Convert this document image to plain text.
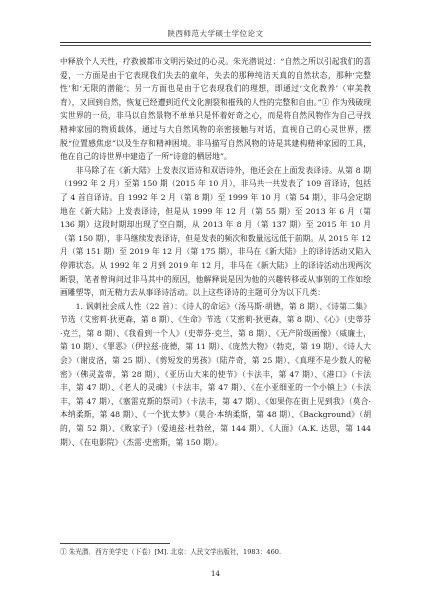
陕西师范大学硕士学位论文

中释放个人天性，疗救被都市文明污染过的心灵。朱光潜说过：“自然之所以引起我们的喜爱，一方面是由于它表现我们失去的童年，失去的那种纯洁天真的自然状态，那种‘完整性’和‘无限的潜能’；另一方面也是由于它表现我们的理想，即通过‘文化教养’（审美教育），又回到自然，恢复已经遭到近代文化割裂和摧残的人性的完整和自由。”① 作为残破现实世界的一员，非马以自然景物不单单只是怀着好奇之心，而是将自然风物作为自己寻找精神家园的物质载体，通过与大自然风物的亲密接触与对话，直视自己的心灵世界，摆脱“位置感焦虑”以及生存和精神困境。非马描写自然风物的诗是其建构精神家园的工具，他在自己的诗世界中建造了一所“诗意的栖居地”。

非马除了在《新大陆》上发表汉语诗和双语诗外，他还会在上面发表译诗。从第 8 期（1992 年 2 月）至第 150 期（2015 年 10 月），非马共一共发表了 109 首译诗，包括了 4 首自译诗。自 1992 年 2 月（第 8 期）至 1999 年 10 月（第 54 期），非马会定期地在《新大陆》上发表译诗，但是从 1999 年 12 月（第 55 期）至 2013 年 6 月（第 136 期）这段时期却出现了空白期，从 2013 年 8 月（第 137 期）至 2015 年 10 月（第 150 期），非马继续发表译诗，但是发表的频次和数量远远低于前期。从 2015 年 12 月（第 151 期）至 2019 年 12 月（第 175 期），非马在《新大陆》上的译诗活动又陷入停滞状态。从 1992 年 2 月到 2019 年 12 月，非马在《新大陆》上的译诗活动出现两次断裂，笔者曾询问过非马其中的原因，他解释说是因为他的兴趣转移或从事别的工作如绘画雕塑等，而无精力去从事译诗活动。以上这些译诗的主题可分为以下几类：

1. 讽刺社会成人性（22 首）：《诗人的命运》（汤马斯·胡德，第 8 期）、《诗第二集》节选（艾密莉·狄更森，第 8 期）、《生命》节选（艾密莉·狄更森，第 8 期）、《心》（史蒂芬·克兰，第 8 期）、《我看到一个人》（史蒂芬·克兰，第 8 期）、《无产阶级画像》（威廉士，第 10 期）、《罪恶》（伊拉兹·庞德，第 11 期）、《庞然大物》（勃克，第 19 期）、《诗人大会》（谢皮洛，第 25 期）、《剪短发的男孩》（陆芹奇，第 25 期）、《真理不是少数人的秘密》（佛灵盖蒂，第 28 期）、《亚历山大来的使节》（卡法丰，第 47 期）、《港口》（卡法丰，第 47 期）、《老人的灵魂》（卡法丰，第 47 期）、《在小亚细亚的一个小镇上》（卡法丰，第 47 期）、《塞雷克斯的祭司》（卡法丰，第 47 期）、《如果你在街上见到我》（莫合·本纳柔斯，第 48 期）、《一个犹太梦》（莫合·本纳柔斯，第 48 期）、《Background》（胡的，第 52 期）、《败家子》（爱迪兹·杜勃丝，第 144 期）、《人面》（A.K. 达思，第 144 期）、《在电影院》（杰雷·史密斯，第 150 期）。

① 朱光潜．西方美学史（下卷）[M]. 北京：人民文学出版社，1983：460.
14
